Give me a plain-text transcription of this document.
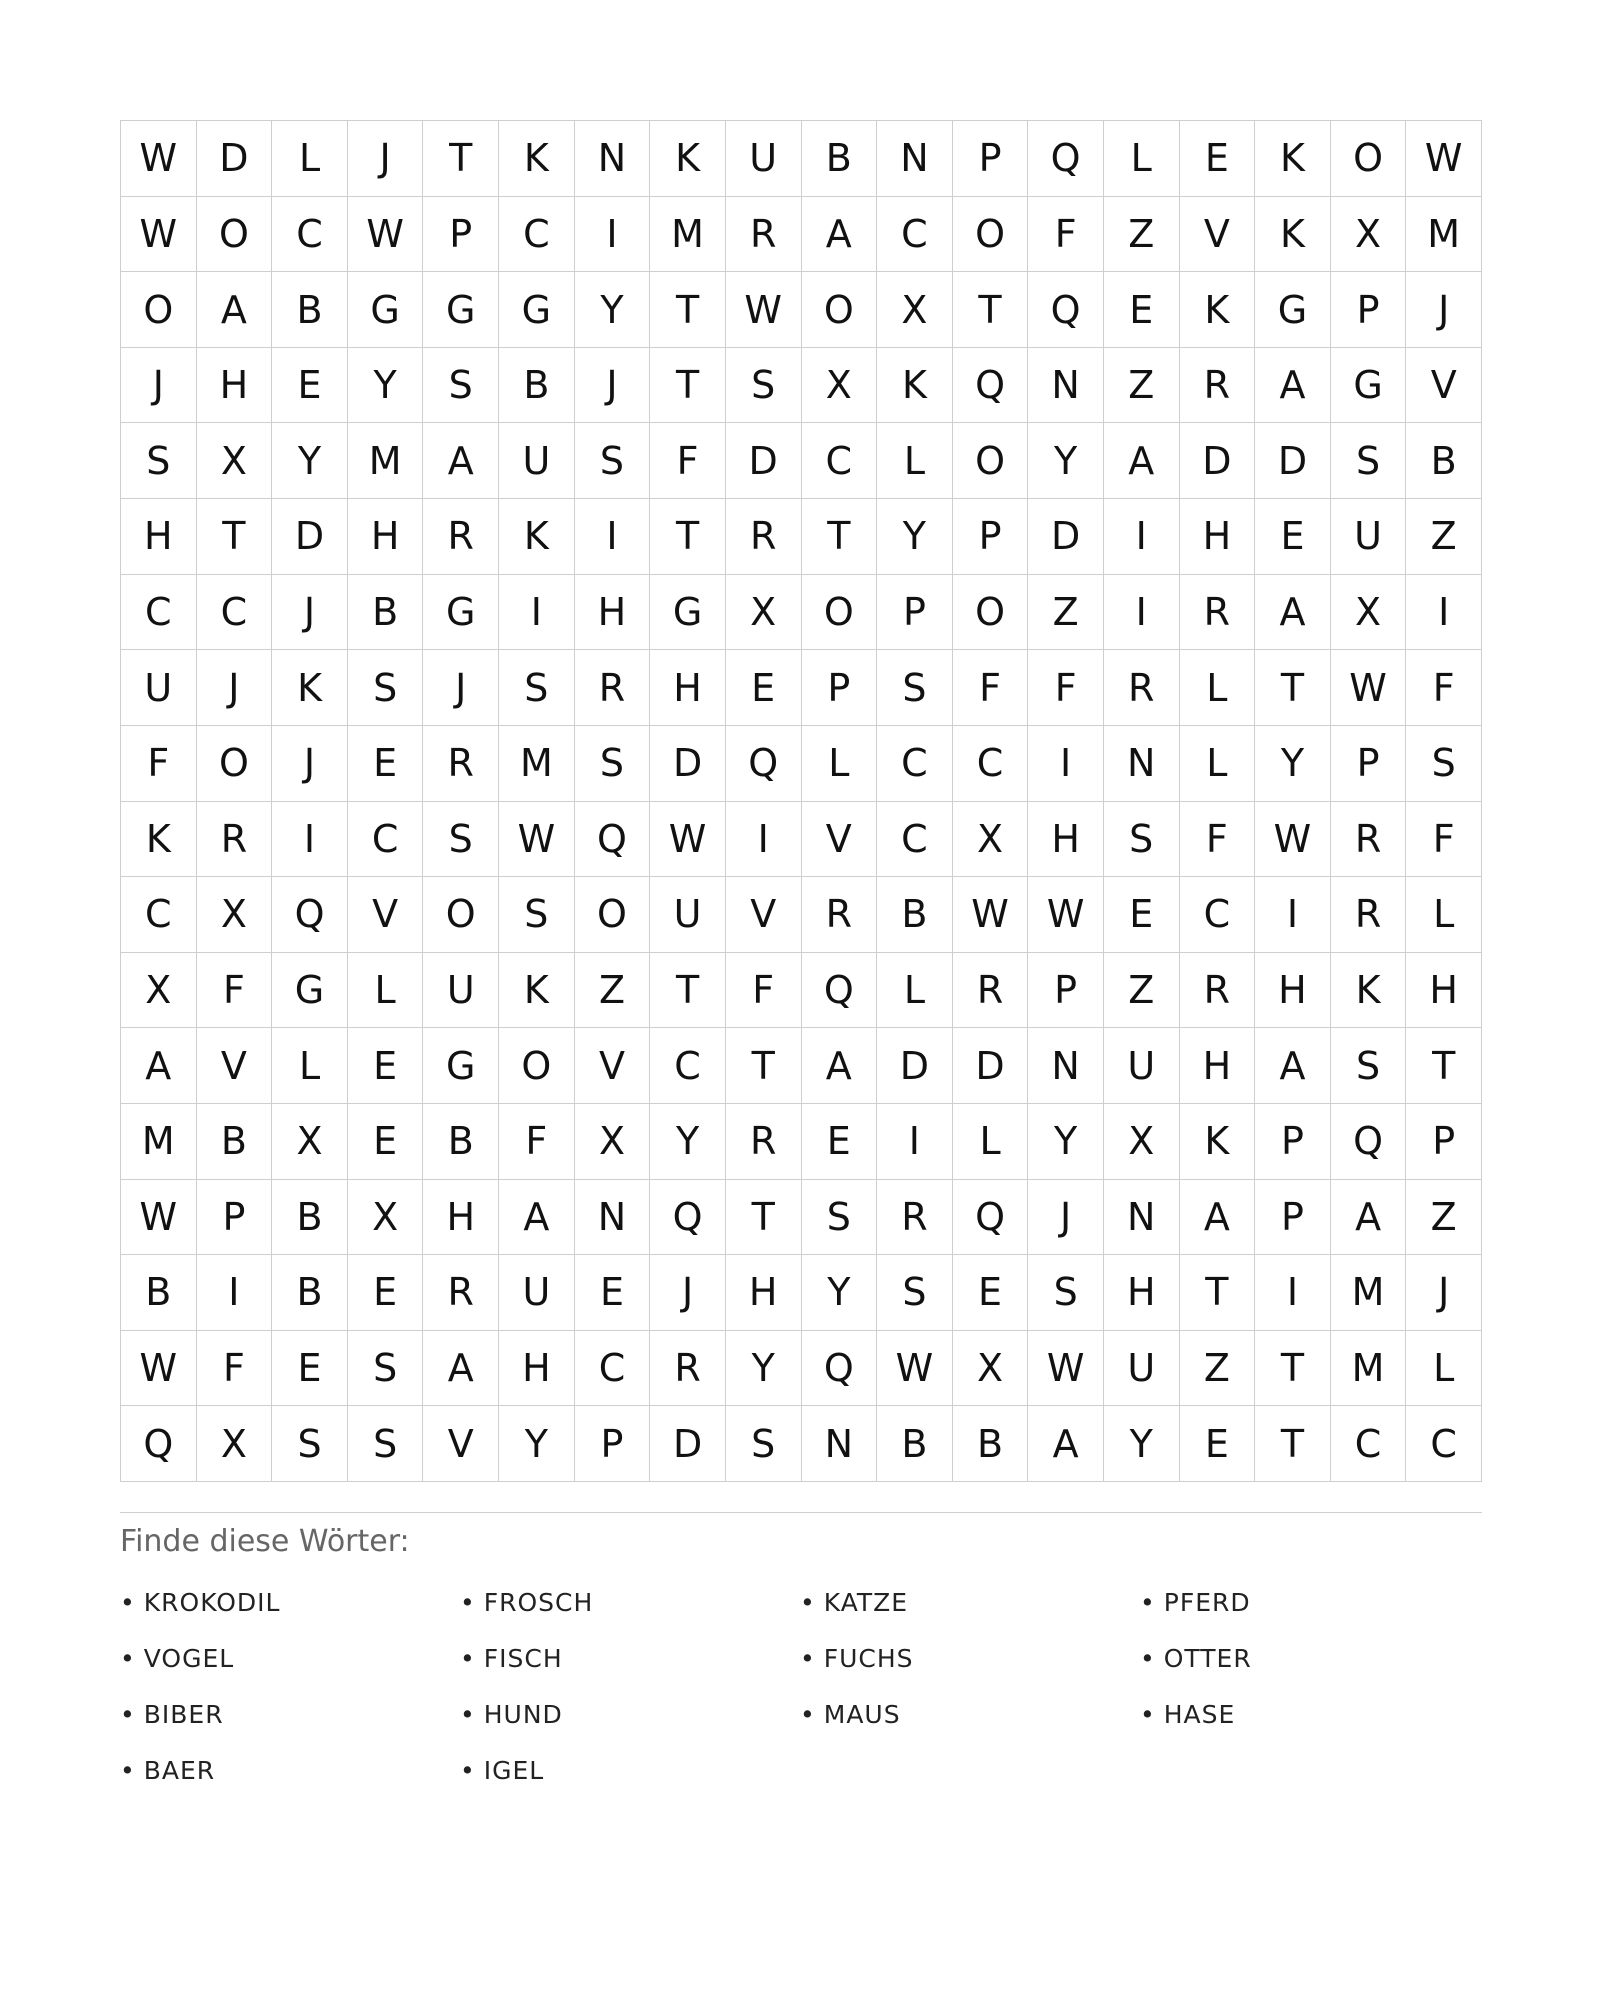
W	D	L	J	T	K	N	K	U	B	N	P	Q	L	E	K	O	W
W	O	C	W	P	C	I	M	R	A	C	O	F	Z	V	K	X	M
O	A	B	G	G	G	Y	T	W	O	X	T	Q	E	K	G	P	J
J	H	E	Y	S	B	J	T	S	X	K	Q	N	Z	R	A	G	V
S	X	Y	M	A	U	S	F	D	C	L	O	Y	A	D	D	S	B
H	T	D	H	R	K	I	T	R	T	Y	P	D	I	H	E	U	Z
C	C	J	B	G	I	H	G	X	O	P	O	Z	I	R	A	X	I
U	J	K	S	J	S	R	H	E	P	S	F	F	R	L	T	W	F
F	O	J	E	R	M	S	D	Q	L	C	C	I	N	L	Y	P	S
K	R	I	C	S	W	Q	W	I	V	C	X	H	S	F	W	R	F
C	X	Q	V	O	S	O	U	V	R	B	W	W	E	C	I	R	L
X	F	G	L	U	K	Z	T	F	Q	L	R	P	Z	R	H	K	H
A	V	L	E	G	O	V	C	T	A	D	D	N	U	H	A	S	T
M	B	X	E	B	F	X	Y	R	E	I	L	Y	X	K	P	Q	P
W	P	B	X	H	A	N	Q	T	S	R	Q	J	N	A	P	A	Z
B	I	B	E	R	U	E	J	H	Y	S	E	S	H	T	I	M	J
W	F	E	S	A	H	C	R	Y	Q	W	X	W	U	Z	T	M	L
Q	X	S	S	V	Y	P	D	S	N	B	B	A	Y	E	T	C	C
Finde diese Wörter:
• KROKODIL	• FROSCH	• KATZE	• PFERD
• VOGEL	• FISCH	• FUCHS	• OTTER
• BIBER	• HUND	• MAUS	• HASE
• BAER	• IGEL
